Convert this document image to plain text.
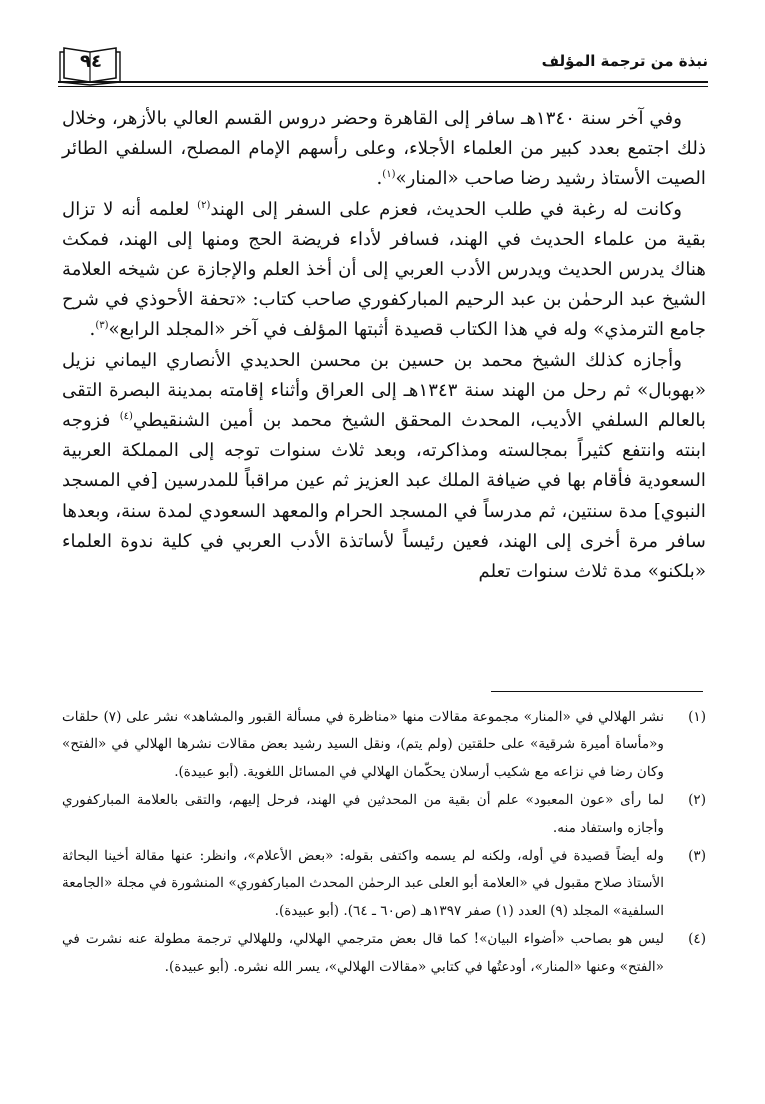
٩٤	نبذة من ترجمة المؤلف

وفي آخر سنة ١٣٤٠هـ سافر إلى القاهرة وحضر دروس القسم العالي بالأزهر، وخلال ذلك اجتمع بعدد كبير من العلماء الأجلاء، وعلى رأسهم الإمام المصلح، السلفي الطائر الصيت الأستاذ رشيد رضا صاحب «المنار»$^{(١)}$.

وكانت له رغبة في طلب الحديث، فعزم على السفر إلى الهند$^{(٢)}$ لعلمه أنه لا تزال بقية من علماء الحديث في الهند، فسافر لأداء فريضة الحج ومنها إلى الهند، فمكث هناك يدرس الحديث ويدرس الأدب العربي إلى أن أخذ العلم والإجازة عن شيخه العلامة الشيخ عبد الرحمٰن بن عبد الرحيم المباركفوري صاحب كتاب: «تحفة الأحوذي في شرح جامع الترمذي» وله في هذا الكتاب قصيدة أثبتها المؤلف في آخر «المجلد الرابع»$^{(٣)}$.

وأجازه كذلك الشيخ محمد بن حسين بن محسن الحديدي الأنصاري اليماني نزيل «بهوبال» ثم رحل من الهند سنة ١٣٤٣هـ إلى العراق وأثناء إقامته بمدينة البصرة التقى بالعالم السلفي الأديب، المحدث المحقق الشيخ محمد بن أمين الشنقيطي$^{(٤)}$ فزوجه ابنته وانتفع كثيراً بمجالسته ومذاكرته، وبعد ثلاث سنوات توجه إلى المملكة العربية السعودية فأقام بها في ضيافة الملك عبد العزيز ثم عين مراقباً للمدرسين [في المسجد النبوي] مدة سنتين، ثم مدرساً في المسجد الحرام والمعهد السعودي لمدة سنة، وبعدها سافر مرة أخرى إلى الهند، فعين رئيساً لأساتذة الأدب العربي في كلية ندوة العلماء «بلكنو» مدة ثلاث سنوات تعلم

(١)
نشر الهلالي في «المنار» مجموعة مقالات منها «مناظرة في مسألة القبور والمشاهد» نشر على (٧) حلقات و«مأساة أميرة شرقية» على حلقتين (ولم يتم)، ونقل السيد رشيد بعض مقالات نشرها الهلالي في «الفتح» وكان رضا في نزاعه مع شكيب أرسلان يحكّمان الهلالي في المسائل اللغوية. (أبو عبيدة).

(٢)
لما رأى «عون المعبود» علم أن بقية من المحدثين في الهند، فرحل إليهم، والتقى بالعلامة المباركفوري وأجازه واستفاد منه.

(٣)
وله أيضاً قصيدة في أوله، ولكنه لم يسمه واكتفى بقوله: «بعض الأعلام»، وانظر: عنها مقالة أخينا البحاثة الأستاذ صلاح مقبول في «العلامة أبو العلى عبد الرحمٰن المحدث المباركفوري» المنشورة في مجلة «الجامعة السلفية» المجلد (٩) العدد (١) صفر ١٣٩٧هـ (ص٦٠ ـ ٦٤). (أبو عبيدة).

(٤)
ليس هو بصاحب «أضواء البيان»! كما قال بعض مترجمي الهلالي، وللهلالي ترجمة مطولة عنه نشرت في «الفتح» وعنها «المنار»، أودعتُها في كتابي «مقالات الهلالي»، يسر الله نشره. (أبو عبيدة).
